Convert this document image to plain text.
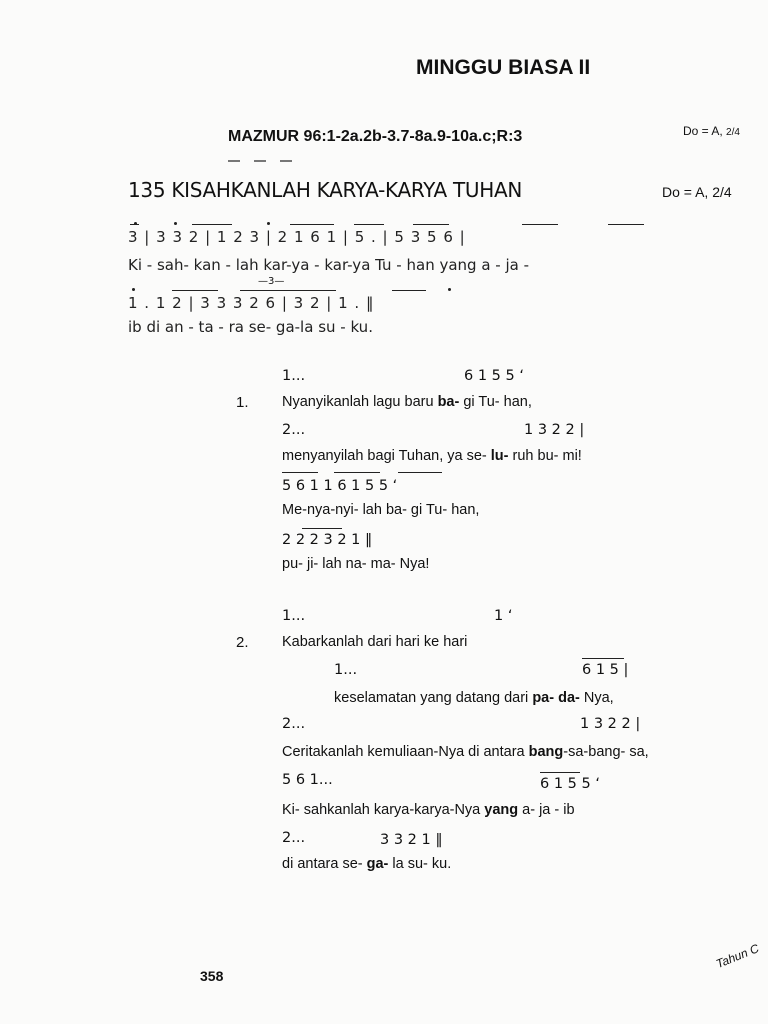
MINGGU BIASA II
MAZMUR 96:1-2a.2b-3.7-8a.9-10a.c;R:3	Do = A, 2/4
135 KISAHKANLAH KARYA-KARYA TUHAN	Do = A, 2/4
3 | 3 3 2 | 1 2 3 | 2 1 6 1 | 5 . | 5 3 5 6 |
Ki - sah- kan - lah kar-ya - kar-ya Tu - han yang a - ja -
—3—
1 . 1 2 | 3 3 3 2 6 | 3 2 | 1 . ‖
ib di an - ta - ra se- ga-la su - ku.
1.
1...	6 1 5 5 ‘
Nyanyikanlah lagu baru ba- gi Tu- han,
2...	1 3 2 2 |
menyanyilah bagi Tuhan, ya se- lu- ruh bu- mi!
5 6 1 1 6 1 5 5 ‘
Me-nya-nyi- lah ba- gi Tu- han,
2 2 2 3 2 1 ‖
pu- ji- lah na- ma- Nya!
2.
1...	1 ‘
Kabarkanlah dari hari ke hari
1...	6 1 5 |
keselamatan yang datang dari pa- da- Nya,
2...	1 3 2 2 |
Ceritakanlah kemuliaan-Nya di antara bang-sa-bang- sa,
5 6 1...	6 1 5 5 ‘
Ki- sahkanlah karya-karya-Nya yang a- ja - ib
2...	3 3 2 1 ‖
di antara se- ga- la su- ku.
358
Tahun C
